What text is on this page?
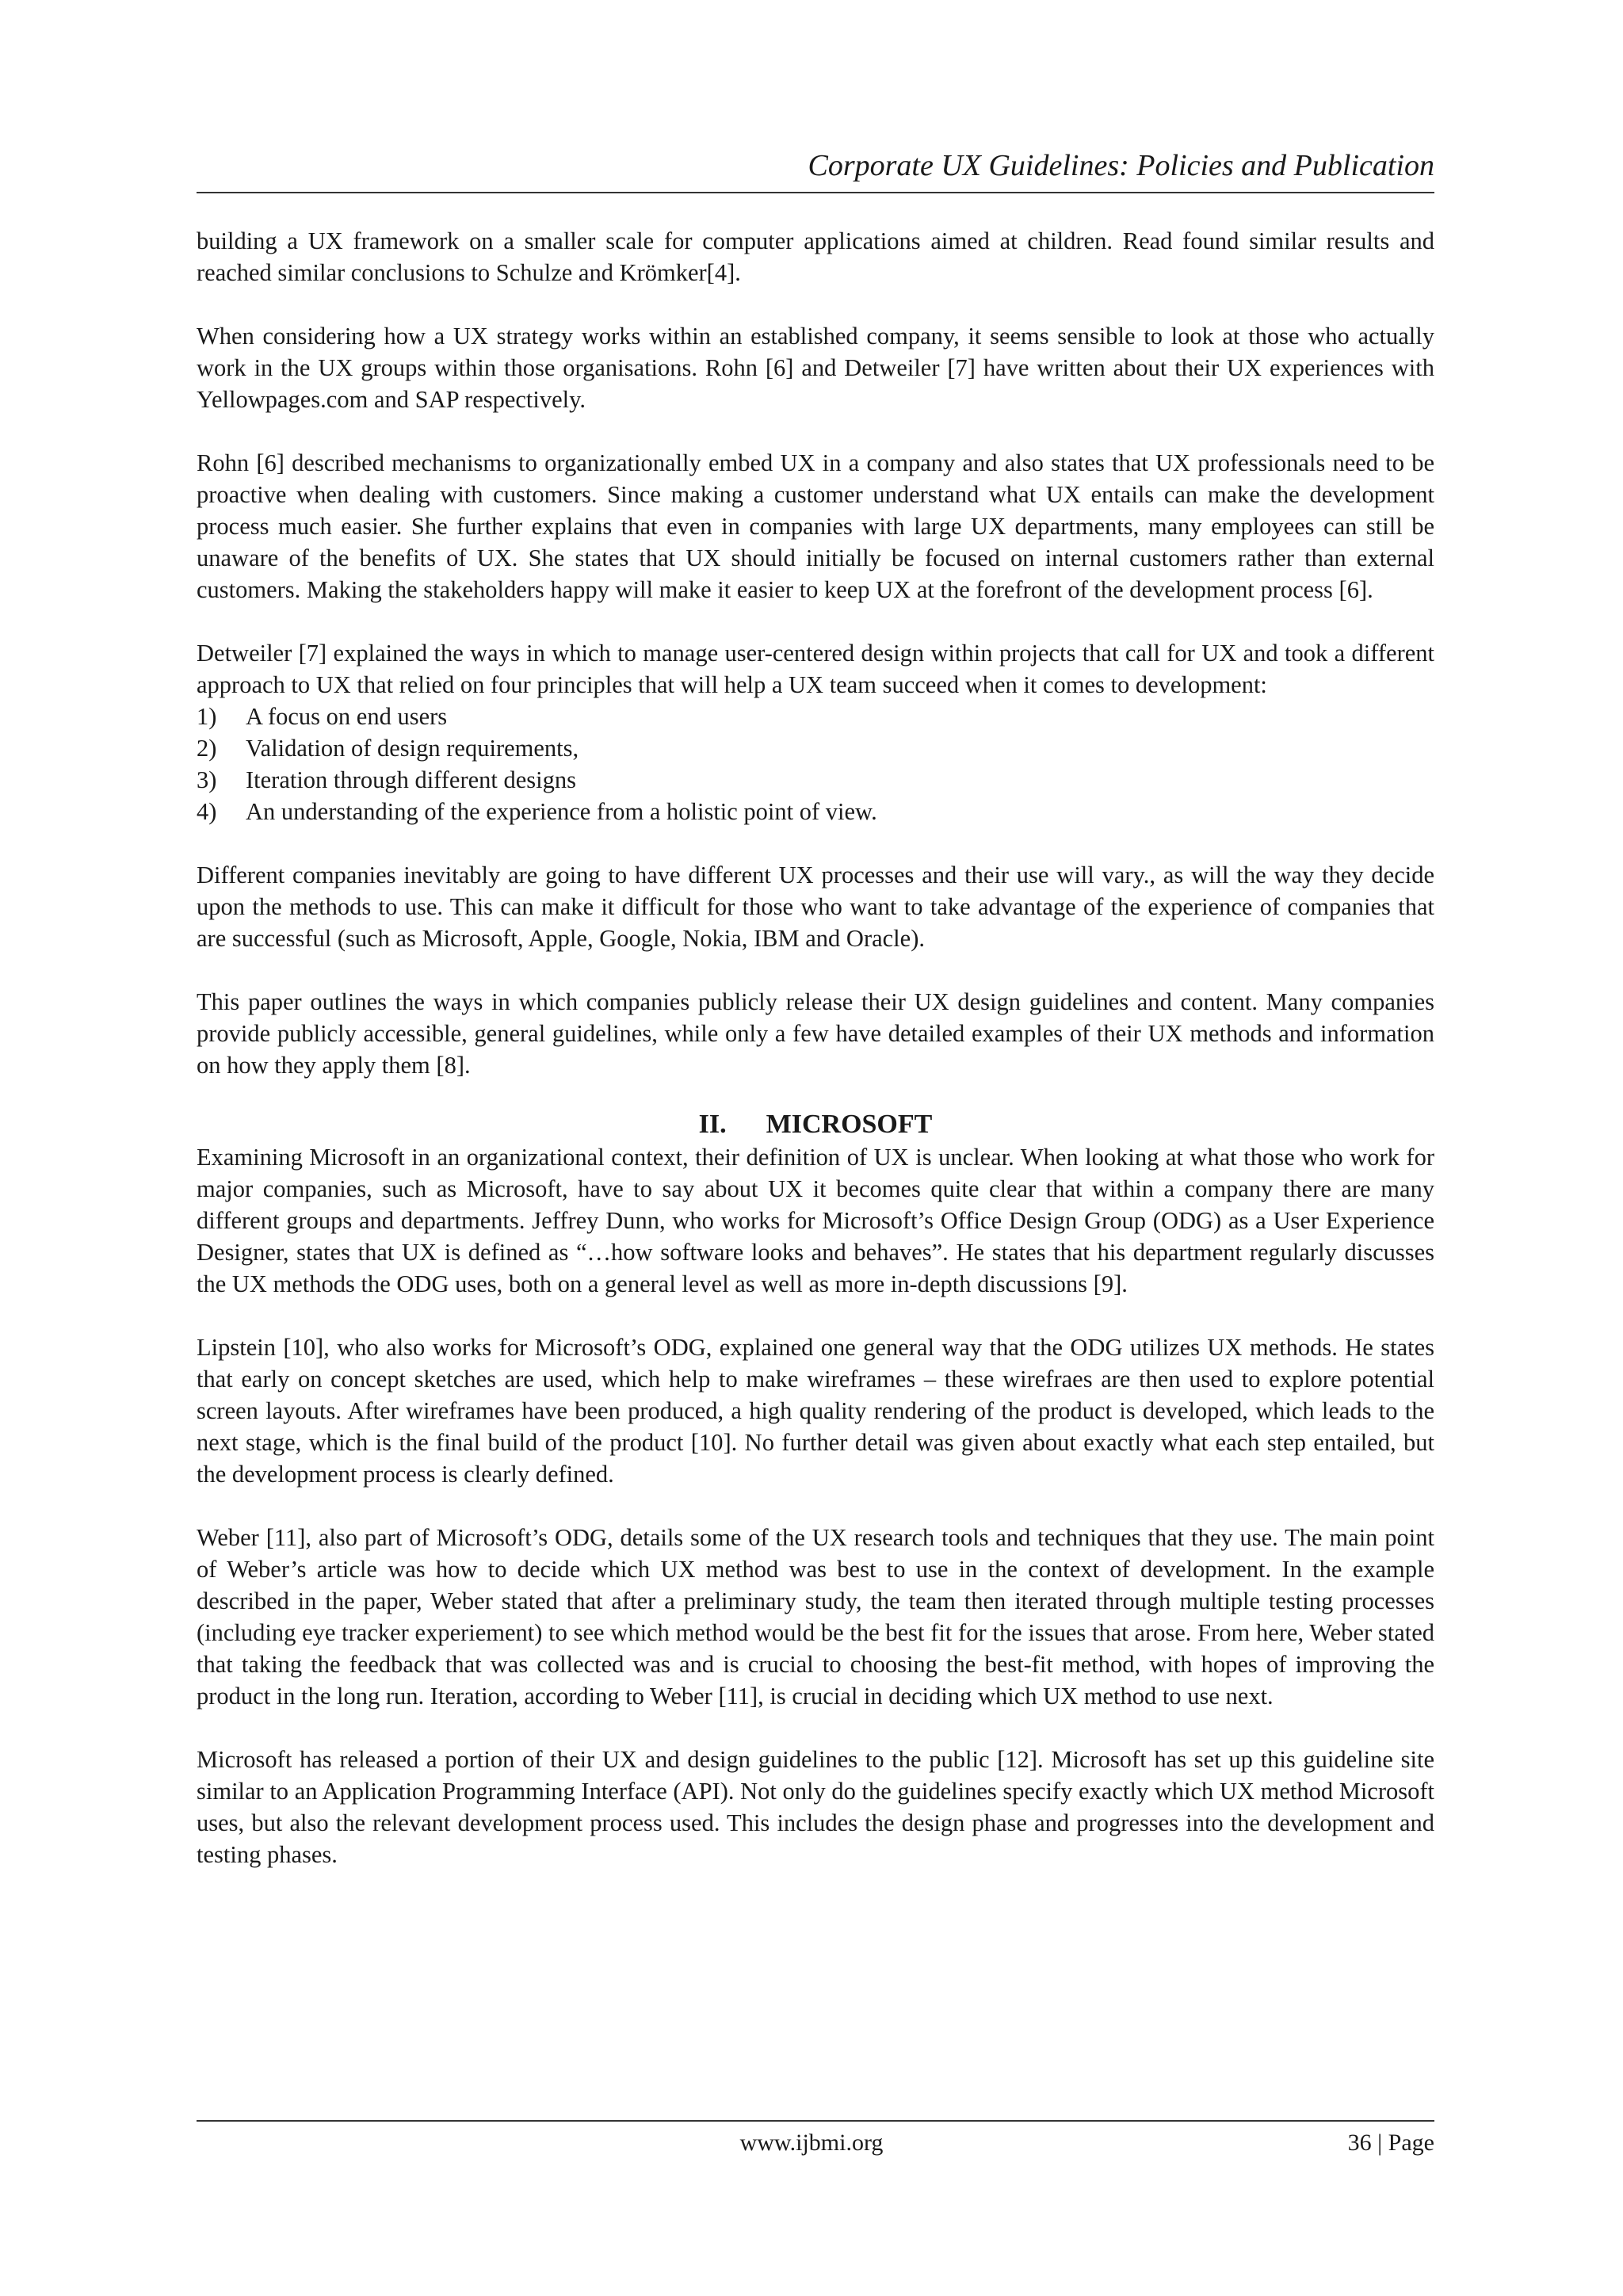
Corporate UX Guidelines: Policies and Publication

building a UX framework on a smaller scale for computer applications aimed at children. Read found similar results and reached similar conclusions to Schulze and Krömker[4].

When considering how a UX strategy works within an established company, it seems sensible to look at those who actually work in the UX groups within those organisations. Rohn [6] and Detweiler [7] have written about their UX experiences with Yellowpages.com and SAP respectively.

Rohn [6] described mechanisms to organizationally embed UX in a company and also states that UX professionals need to be proactive when dealing with customers. Since making a customer understand what UX entails can make the development process much easier. She further explains that even in companies with large UX departments, many employees can still be unaware of the benefits of UX. She states that UX should initially be focused on internal customers rather than external customers. Making the stakeholders happy will make it easier to keep UX at the forefront of the development process [6].

Detweiler [7] explained the ways in which to manage user-centered design within projects that call for UX and took a different approach to UX that relied on four principles that will help a UX team succeed when it comes to development:

1)	A focus on end users
2)	Validation of design requirements,
3)	Iteration through different designs
4)	An understanding of the experience from a holistic point of view.

Different companies inevitably are going to have different UX processes and their use will vary., as will the way they decide upon the methods to use. This can make it difficult for those who want to take advantage of the experience of companies that are successful (such as Microsoft, Apple, Google, Nokia, IBM and Oracle).

This paper outlines the ways in which companies publicly release their UX design guidelines and content. Many companies provide publicly accessible, general guidelines, while only a few have detailed examples of their UX methods and information on how they apply them [8].

II. MICROSOFT

Examining Microsoft in an organizational context, their definition of UX is unclear. When looking at what those who work for major companies, such as Microsoft, have to say about UX it becomes quite clear that within a company there are many different groups and departments. Jeffrey Dunn, who works for Microsoft’s Office Design Group (ODG) as a User Experience Designer, states that UX is defined as “…how software looks and behaves”. He states that his department regularly discusses the UX methods the ODG uses, both on a general level as well as more in-depth discussions [9].

Lipstein [10], who also works for Microsoft’s ODG, explained one general way that the ODG utilizes UX methods. He states that early on concept sketches are used, which help to make wireframes – these wirefraes are then used to explore potential screen layouts. After wireframes have been produced, a high quality rendering of the product is developed, which leads to the next stage, which is the final build of the product [10]. No further detail was given about exactly what each step entailed, but the development process is clearly defined.

Weber [11], also part of Microsoft’s ODG, details some of the UX research tools and techniques that they use. The main point of Weber’s article was how to decide which UX method was best to use in the context of development. In the example described in the paper, Weber stated that after a preliminary study, the team then iterated through multiple testing processes (including eye tracker experiement) to see which method would be the best fit for the issues that arose. From here, Weber stated that taking the feedback that was collected was and is crucial to choosing the best-fit method, with hopes of improving the product in the long run. Iteration, according to Weber [11], is crucial in deciding which UX method to use next.

Microsoft has released a portion of their UX and design guidelines to the public [12]. Microsoft has set up this guideline site similar to an Application Programming Interface (API). Not only do the guidelines specify exactly which UX method Microsoft uses, but also the relevant development process used. This includes the design phase and progresses into the development and testing phases.

www.ijbmi.org	36 | Page
